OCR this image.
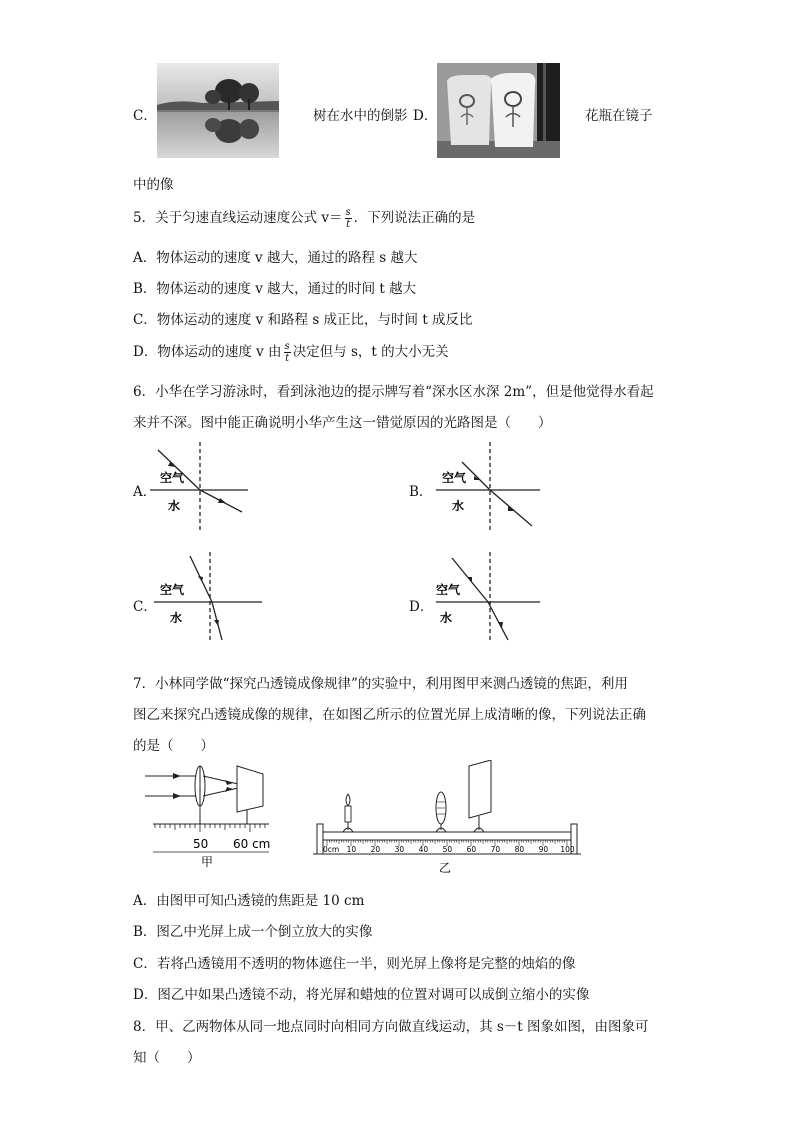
C．	树在水中的倒影 D．	花瓶在镜子
中的像
5．关于匀速直线运动速度公式 $v= \frac{s}{t}$ ．下列说法正确的是
A．物体运动的速度 v 越大，通过的路程 s 越大
B．物体运动的速度 v 越大，通过的时间 t 越大
C．物体运动的速度 v 和路程 s 成正比，与时间 t 成反比
D．物体运动的速度 v 由 $\frac{s}{t}$ 决定但与 s，t 的大小无关
6．小华在学习游泳时，看到泳池边的提示牌写着“深水区水深 2m”，但是他觉得水看起
来并不深。图中能正确说明小华产生这一错觉原因的光路图是（　　）
A．
空气
水
B．
空气
水
C．
空气
水
D．
空气
水
7．小林同学做“探究凸透镜成像规律”的实验中，利用图甲来测凸透镜的焦距，利用
图乙来探究凸透镜成像的规律，在如图乙所示的位置光屏上成清晰的像，下列说法正确
的是（　　）
50 60 cm
甲
0cm 10 20 30 40 50 60 70 80 90 100
乙
A．由图甲可知凸透镜的焦距是 10 cm
B．图乙中光屏上成一个倒立放大的实像
C．若将凸透镜用不透明的物体遮住一半，则光屏上像将是完整的烛焰的像
D．图乙中如果凸透镜不动，将光屏和蜡烛的位置对调可以成倒立缩小的实像
8．甲、乙两物体从同一地点同时向相同方向做直线运动，其 s－t 图象如图，由图象可
知（　　）
